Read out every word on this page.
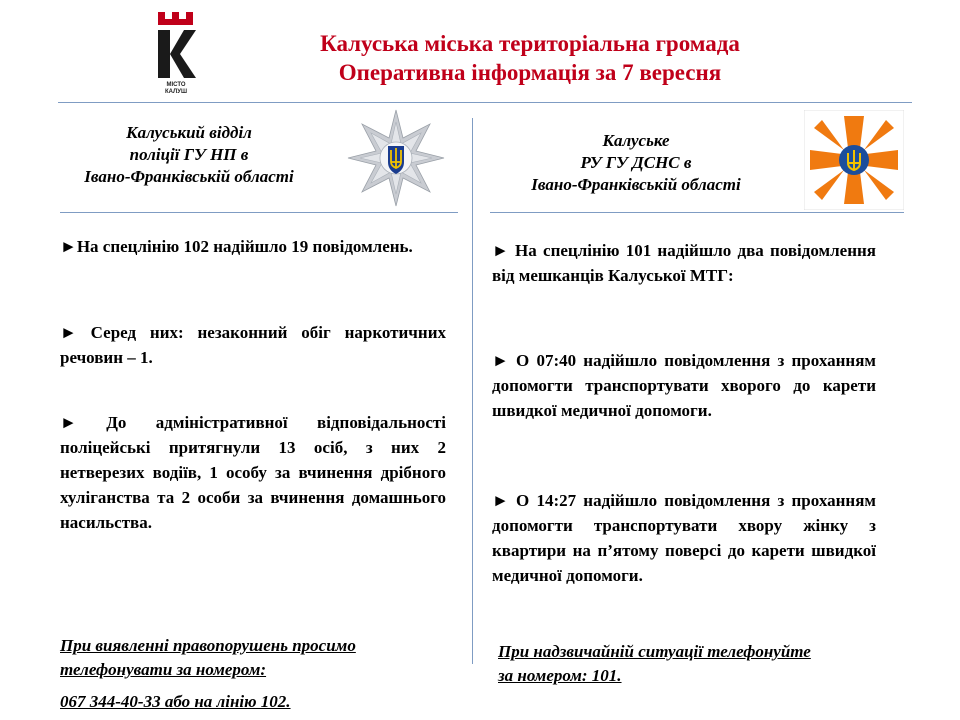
МІСТО
КАЛУШ
Калуська міська територіальна громада
Оперативна інформація за 7 вересня
Калуський відділ
поліції ГУ НП в
Івано-Франківській області
Калуське
РУ ГУ ДСНС в
Івано-Франківській області
►На спецлінію 102 надійшло 19 повідомлень.
► Серед них: незаконний обіг наркотичних речовин – 1.
► До адміністративної відповідальності поліцейські притягнули 13 осіб, з них 2 нетверезих водіїв, 1 особу за вчинення дрібного хуліганства та 2 особи за вчинення домашнього насильства.
► На спецлінію 101 надійшло два повідомлення від мешканців Калуської МТГ:
► О 07:40 надійшло повідомлення з проханням допомогти транспортувати хворого до карети швидкої медичної допомоги.
► О 14:27 надійшло повідомлення з проханням допомогти транспортувати хвору жінку з квартири на п’ятому поверсі до карети швидкої медичної допомоги.
При виявленні правопорушень просимо
телефонувати за номером:
067 344-40-33 або на лінію 102.
При надзвичайній ситуації телефонуйте
за номером: 101.
